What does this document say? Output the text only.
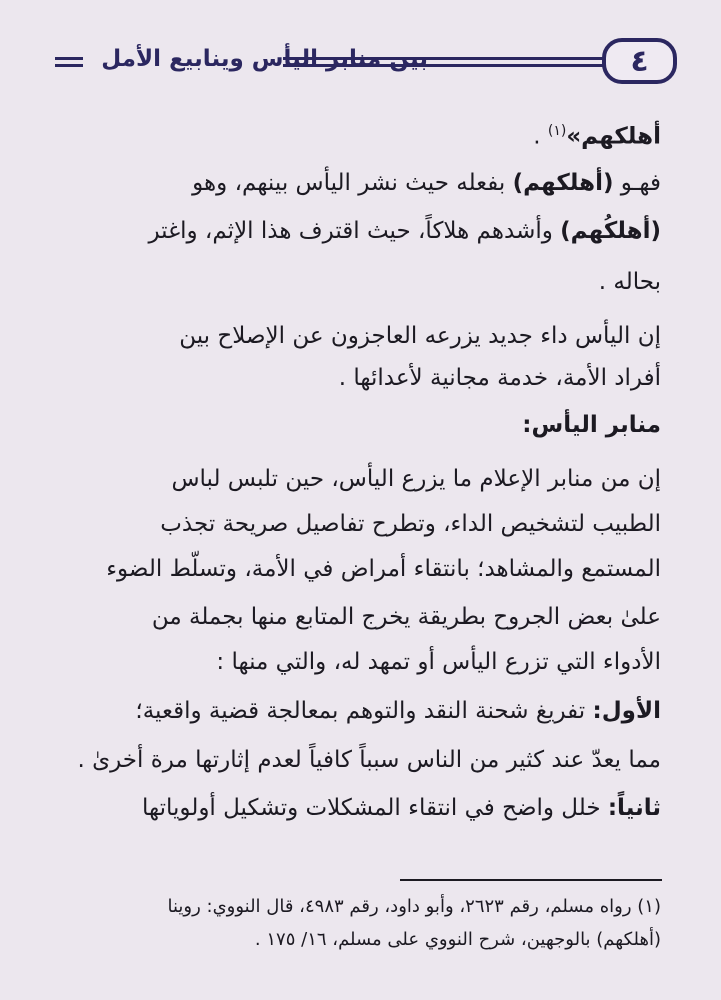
بين منابر اليأس وينابيع الأمل	٤
أهلكهم»$^{(١)}$ .
فهـو (أهلكهم) بفعله حيث نشر اليأس بينهم، وهو
(أهلكُهم) وأشدهم هلاكاً، حيث اقترف هذا الإثم، واغتر
بحاله .
إن اليأس داء جديد يزرعه العاجزون عن الإصلاح بين
أفراد الأمة، خدمة مجانية لأعدائها .
منابر اليأس:
إن من منابر الإعلام ما يزرع اليأس، حين تلبس لباس
الطبيب لتشخيص الداء، وتطرح تفاصيل صريحة تجذب
المستمع والمشاهد؛ بانتقاء أمراض في الأمة، وتسلّط الضوء
علىٰ بعض الجروح بطريقة يخرج المتابع منها بجملة من
الأدواء التي تزرع اليأس أو تمهد له، والتي منها :
الأول: تفريغ شحنة النقد والتوهم بمعالجة قضية واقعية؛
مما يعدّ عند كثير من الناس سبباً كافياً لعدم إثارتها مرة أخرىٰ .
ثانياً: خلل واضح في انتقاء المشكلات وتشكيل أولوياتها
(١) رواه مسلم، رقم ٢٦٢٣، وأبو داود، رقم ٤٩٨٣، قال النووي: روينا
(أهلكهم) بالوجهين، شرح النووي على مسلم، ١٦/ ١٧٥ .
